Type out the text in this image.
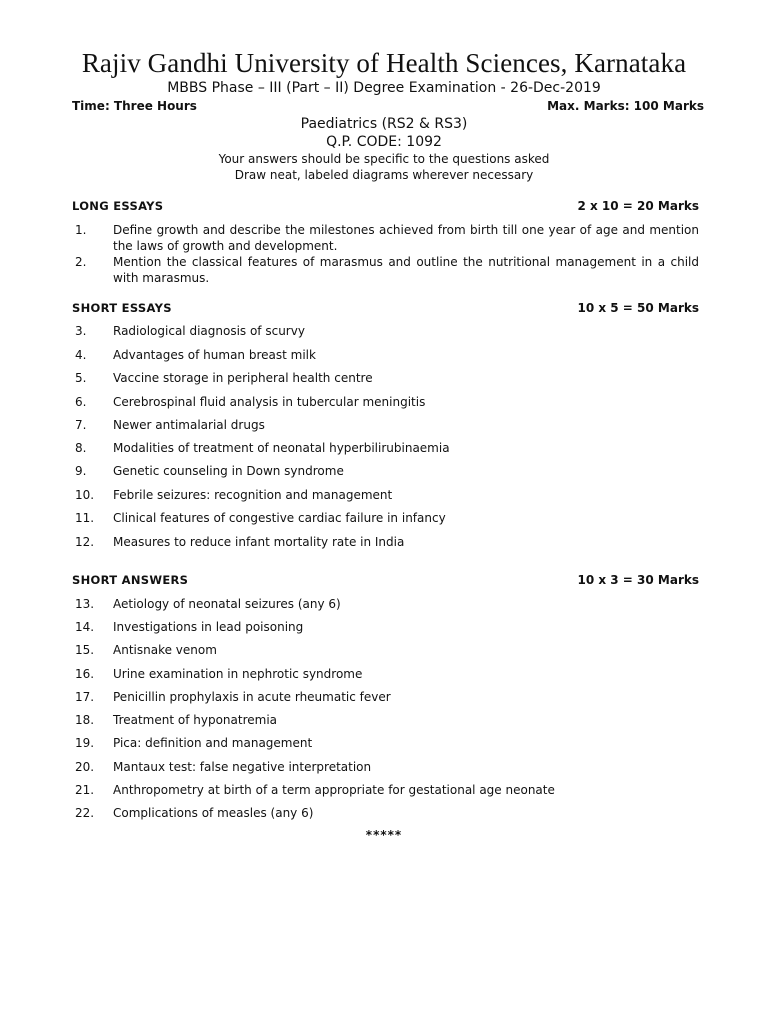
Rajiv Gandhi University of Health Sciences, Karnataka
MBBS Phase – III (Part – II) Degree Examination - 26-Dec-2019
Time: Three Hours	Max. Marks: 100 Marks
Paediatrics (RS2 & RS3)
Q.P. CODE: 1092
Your answers should be specific to the questions asked
Draw neat, labeled diagrams wherever necessary
LONG ESSAYS	2 x 10 = 20 Marks
1.	Define growth and describe the milestones achieved from birth till one year of age and mention the laws of growth and development.
2.	Mention the classical features of marasmus and outline the nutritional management in a child with marasmus.
SHORT ESSAYS	10 x 5 = 50 Marks
3.	Radiological diagnosis of scurvy
4.	Advantages of human breast milk
5.	Vaccine storage in peripheral health centre
6.	Cerebrospinal fluid analysis in tubercular meningitis
7.	Newer antimalarial drugs
8.	Modalities of treatment of neonatal hyperbilirubinaemia
9.	Genetic counseling in Down syndrome
10.	Febrile seizures: recognition and management
11.	Clinical features of congestive cardiac failure in infancy
12.	Measures to reduce infant mortality rate in India
SHORT ANSWERS	10 x 3 = 30 Marks
13.	Aetiology of neonatal seizures (any 6)
14.	Investigations in lead poisoning
15.	Antisnake venom
16.	Urine examination in nephrotic syndrome
17.	Penicillin prophylaxis in acute rheumatic fever
18.	Treatment of hyponatremia
19.	Pica: definition and management
20.	Mantaux test: false negative interpretation
21.	Anthropometry at birth of a term appropriate for gestational age neonate
22.	Complications of measles (any 6)
*****
